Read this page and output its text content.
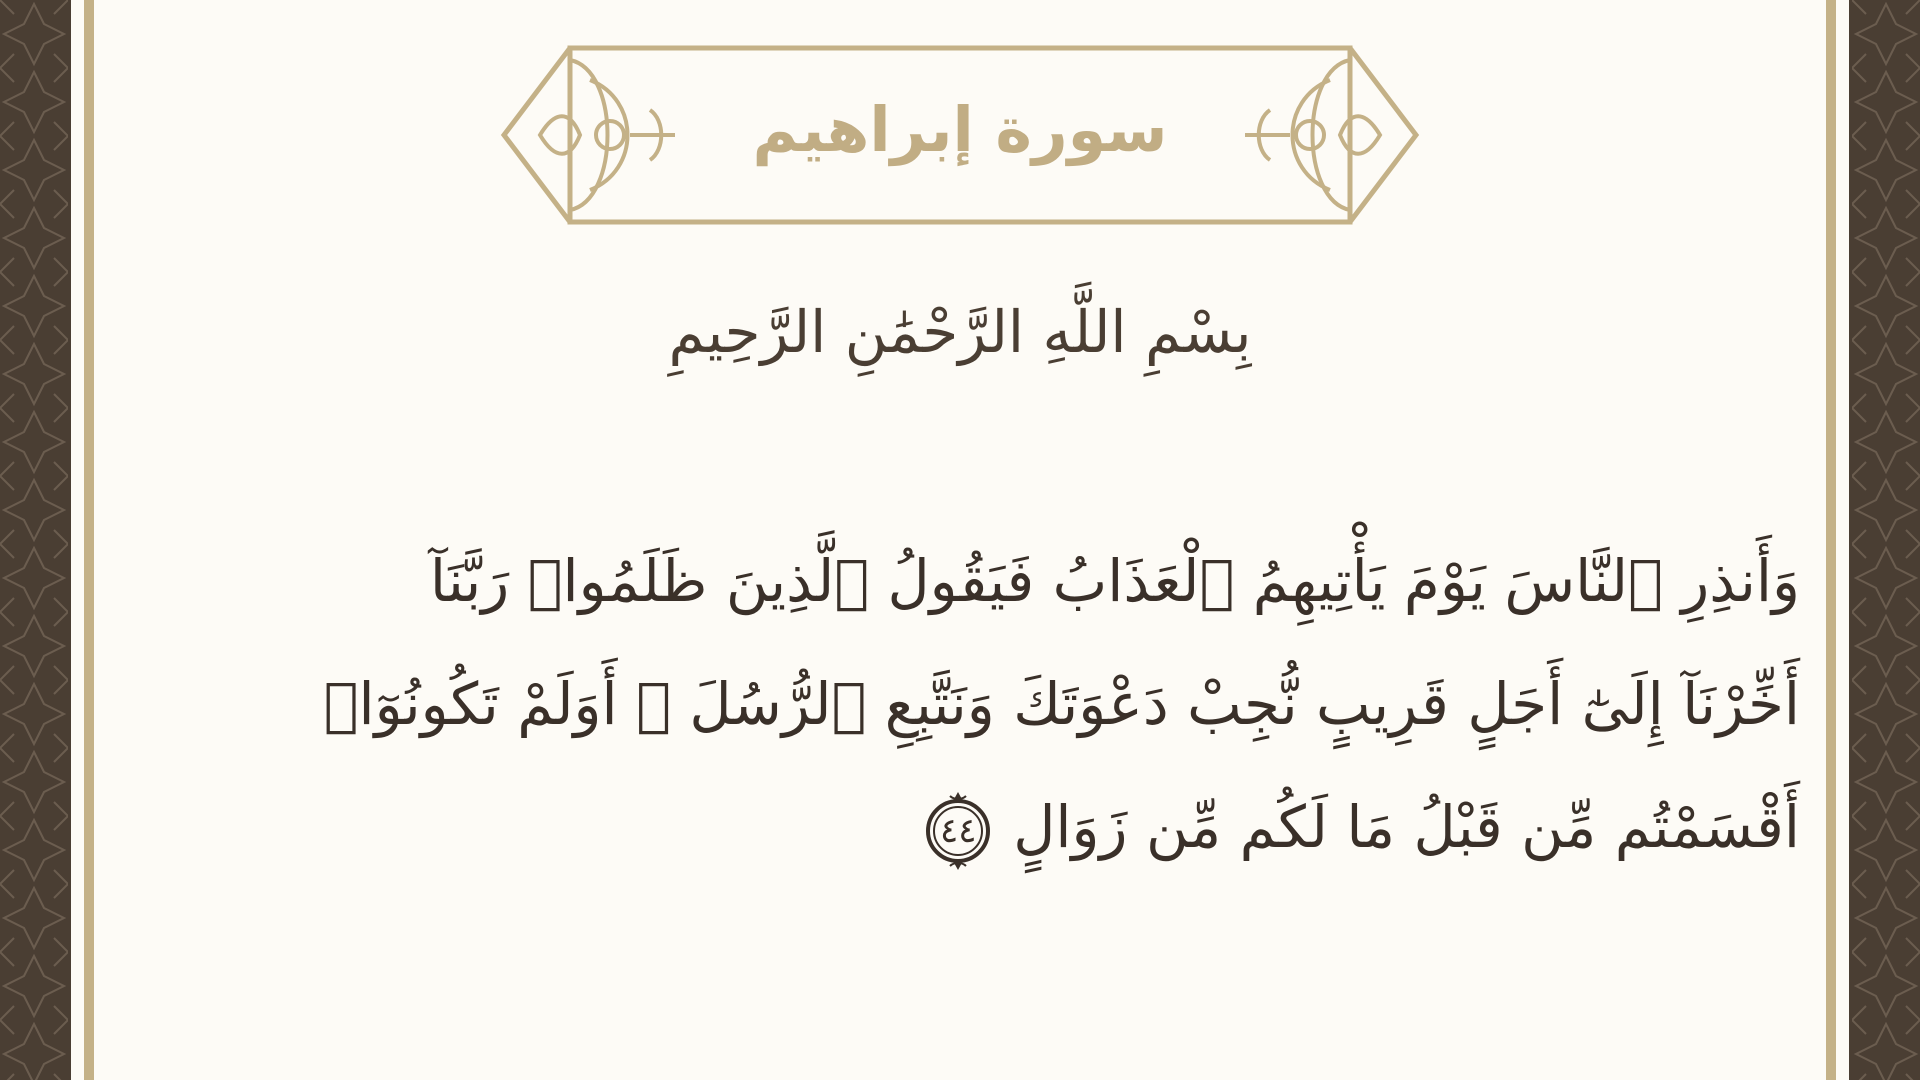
سورة إبراهيم
بِسْمِ اللَّهِ الرَّحْمَٰنِ الرَّحِيمِ
وَأَنذِرِ ٱلنَّاسَ يَوْمَ يَأْتِيهِمُ ٱلْعَذَابُ فَيَقُولُ ٱلَّذِينَ ظَلَمُوا۟ رَبَّنَآ
أَخِّرْنَآ إِلَىٰٓ أَجَلٍ قَرِيبٍ نُّجِبْ دَعْوَتَكَ وَنَتَّبِعِ ٱلرُّسُلَ ۗ أَوَلَمْ تَكُونُوٓا۟
أَقْسَمْتُم مِّن قَبْلُ مَا لَكُم مِّن زَوَالٍ
٤٤
